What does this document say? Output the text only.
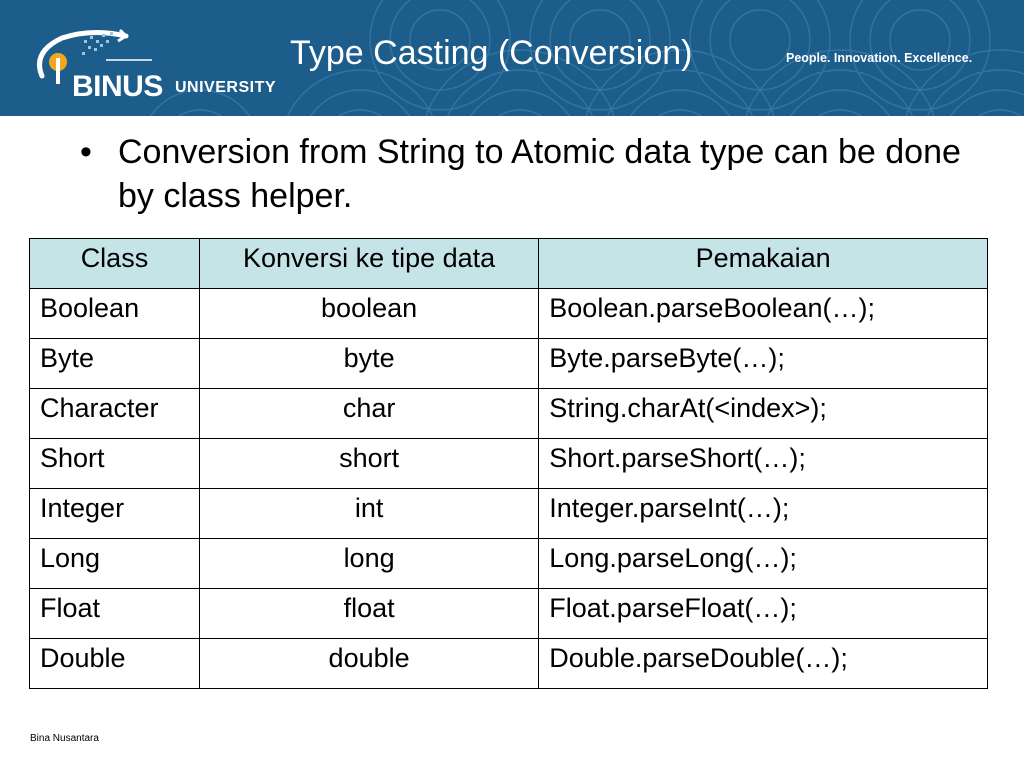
BINUS UNIVERSITY
Type Casting (Conversion)	People. Innovation. Excellence.
• Conversion from String to Atomic data type can be done by class helper.
Class	Konversi ke tipe data	Pemakaian
Boolean	boolean	Boolean.parseBoolean(…);
Byte	byte	Byte.parseByte(…);
Character	char	String.charAt(<index>);
Short	short	Short.parseShort(…);
Integer	int	Integer.parseInt(…);
Long	long	Long.parseLong(…);
Float	float	Float.parseFloat(…);
Double	double	Double.parseDouble(…);
Bina Nusantara
